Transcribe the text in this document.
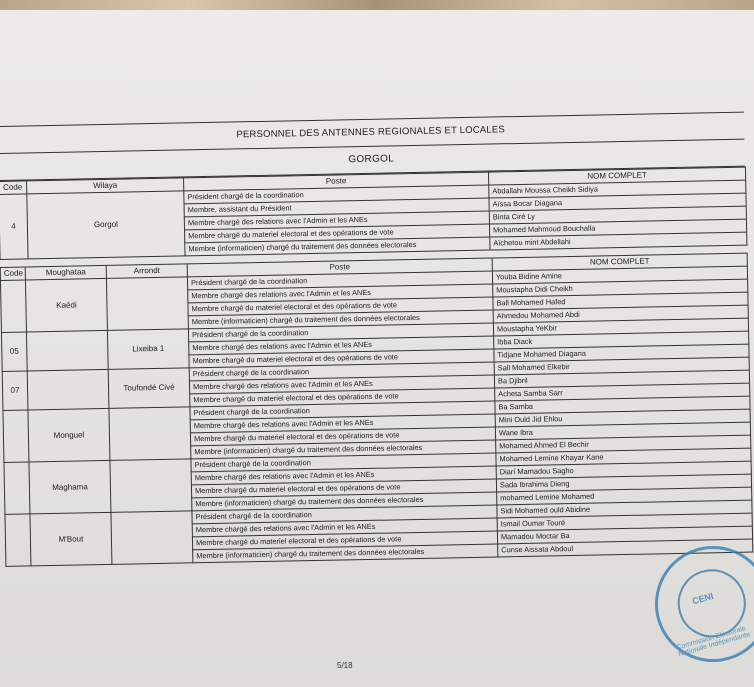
PERSONNEL DES ANTENNES REGIONALES ET LOCALES
GORGOL
Code	Wilaya	Poste	NOM COMPLET
4	Gorgol	Président chargé de la coordination	Abdallahi Moussa Cheikh Sidiya
		Membre, assistant du Président	Aïssa Bocar Diagana
		Membre chargé des relations avec l'Admin et les ANEs	Binta Ciré Ly
		Membre chargé du materiel electoral et des opérations de vote	Mohamed Mahmoud Bouchalla
		Membre (informaticien) chargé du traitement des données electorales	Aïchetou mint Abdellahi
Code	Moughataa	Arrondt	Poste	NOM COMPLET
	Kaédi		Président chargé de la coordination	Youba Bidine Amine
			Membre chargé des relations avec l'Admin et les ANEs	Moustapha Didi Cheikh
			Membre chargé du materiel electoral et des opérations de vote	Ball Mohamed Hafed
			Membre (informaticien) chargé du traitement des données electorales	Ahmedou Mohamed Abdi
05		Lixeiba 1	Président chargé de la coordination	Moustapha YeKbir
			Membre chargé des relations avec l'Admin et les ANEs	Ibba Diack
			Membre chargé du materiel electoral et des opérations de vote	Tidjane Mohamed Diagana
07		Toufondé Civé	Président chargé de la coordination	Sall Mohamed Elkebir
			Membre chargé des relations avec l'Admin et les ANEs	Ba Djibril
			Membre chargé du materiel electoral et des opérations de vote	Acheta Samba Sarr
	Monguel		Président chargé de la coordination	Ba Samba
			Membre chargé des relations avec l'Admin et les ANEs	Mini Ould Jid Ehlou
			Membre chargé du materiel electoral et des opérations de vote	Wane Ibra
			Membre (informaticien) chargé du traitement des données electorales	Mohamed Ahmed El Bechir
	Maghama		Président chargé de la coordination	Mohamed Lemine Khayar Kane
			Membre chargé des relations avec l'Admin et les ANEs	Diarí Mamadou Sagho
			Membre chargé du materiel electoral et des opérations de vote	Sada Ibrahima Dieng
			Membre (informaticien) chargé du traitement des données electorales	mohamed Lemine Mohamed
	M'Bout		Président chargé de la coordination	Sidi Mohamed ould Abidine
			Membre chargé des relations avec l'Admin et les ANEs	Ismail Oumar Touré
			Membre chargé du materiel electoral et des opérations de vote	Mamadou Moctar Ba
			Membre (informaticien) chargé du traitement des données electorales	Cunse Aissata Abdoul
5/18
CENI
Commission Electorale Nationale Indépendante
